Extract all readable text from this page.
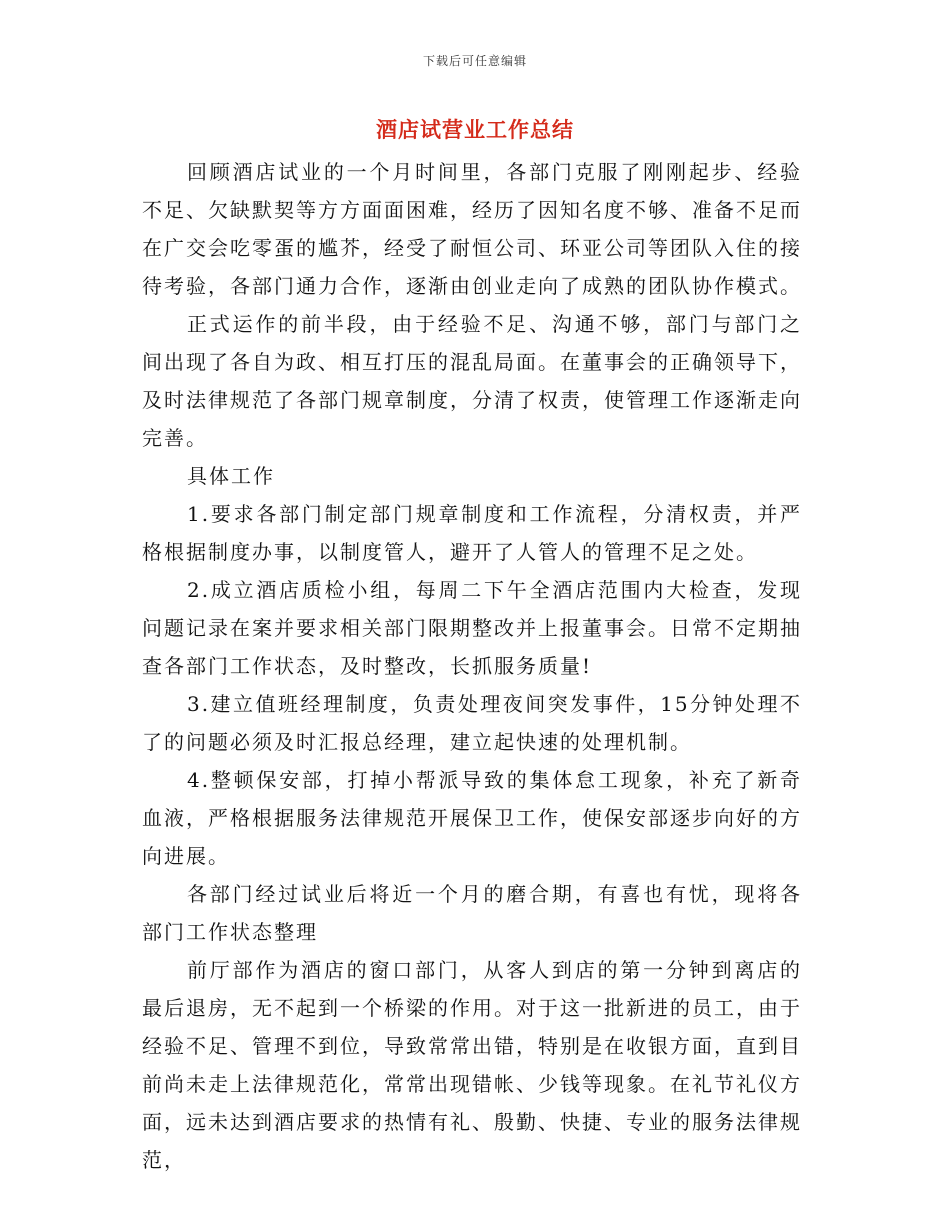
下载后可任意编辑
酒店试营业工作总结

回顾酒店试业的一个月时间里，各部门克服了刚刚起步、经验不足、欠缺默契等方方面面困难，经历了因知名度不够、准备不足而在广交会吃零蛋的尴芥，经受了耐恒公司、环亚公司等团队入住的接待考验，各部门通力合作，逐渐由创业走向了成熟的团队协作模式。

正式运作的前半段，由于经验不足、沟通不够，部门与部门之间出现了各自为政、相互打压的混乱局面。在董事会的正确领导下，及时法律规范了各部门规章制度，分清了权责，使管理工作逐渐走向完善。

具体工作

1.要求各部门制定部门规章制度和工作流程，分清权责，并严格根据制度办事，以制度管人，避开了人管人的管理不足之处。

2.成立酒店质检小组，每周二下午全酒店范围内大检查，发现问题记录在案并要求相关部门限期整改并上报董事会。日常不定期抽查各部门工作状态，及时整改，长抓服务质量!

3.建立值班经理制度，负责处理夜间突发事件，15分钟处理不了的问题必须及时汇报总经理，建立起快速的处理机制。

4.整顿保安部，打掉小帮派导致的集体怠工现象，补充了新奇血液，严格根据服务法律规范开展保卫工作，使保安部逐步向好的方向进展。

各部门经过试业后将近一个月的磨合期，有喜也有忧，现将各部门工作状态整理

前厅部作为酒店的窗口部门，从客人到店的第一分钟到离店的最后退房，无不起到一个桥梁的作用。对于这一批新进的员工，由于经验不足、管理不到位，导致常常出错，特别是在收银方面，直到目前尚未走上法律规范化，常常出现错帐、少钱等现象。在礼节礼仪方面，远未达到酒店要求的热情有礼、殷勤、快捷、专业的服务法律规范，
